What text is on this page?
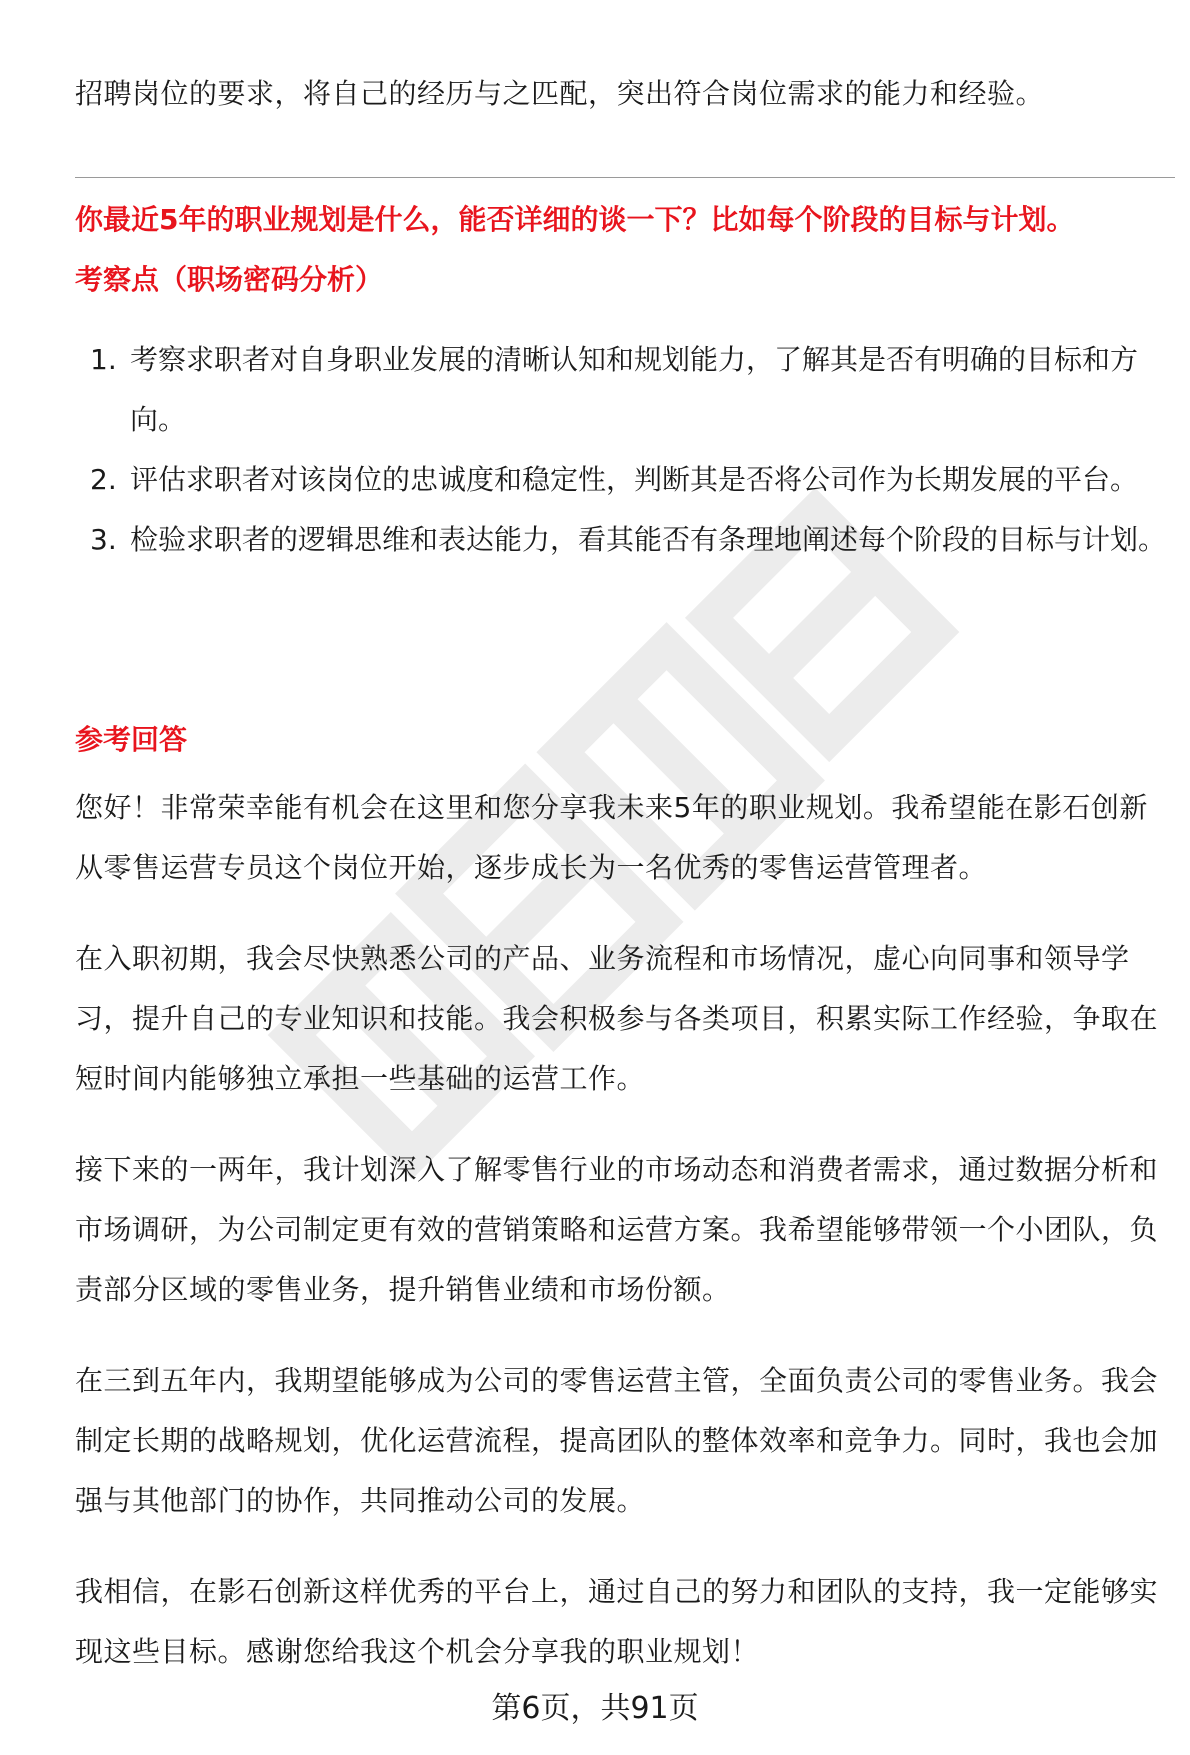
招聘岗位的要求，将自己的经历与之匹配，突出符合岗位需求的能力和经验。

你最近5年的职业规划是什么，能否详细的谈一下？比如每个阶段的目标与计划。

考察点（职场密码分析）

1. 考察求职者对自身职业发展的清晰认知和规划能力，了解其是否有明确的目标和方向。
2. 评估求职者对该岗位的忠诚度和稳定性，判断其是否将公司作为长期发展的平台。
3. 检验求职者的逻辑思维和表达能力，看其能否有条理地阐述每个阶段的目标与计划。

参考回答

您好！非常荣幸能有机会在这里和您分享我未来5年的职业规划。我希望能在影石创新从零售运营专员这个岗位开始，逐步成长为一名优秀的零售运营管理者。

在入职初期，我会尽快熟悉公司的产品、业务流程和市场情况，虚心向同事和领导学习，提升自己的专业知识和技能。我会积极参与各类项目，积累实际工作经验，争取在短时间内能够独立承担一些基础的运营工作。

接下来的一两年，我计划深入了解零售行业的市场动态和消费者需求，通过数据分析和市场调研，为公司制定更有效的营销策略和运营方案。我希望能够带领一个小团队，负责部分区域的零售业务，提升销售业绩和市场份额。

在三到五年内，我期望能够成为公司的零售运营主管，全面负责公司的零售业务。我会制定长期的战略规划，优化运营流程，提高团队的整体效率和竞争力。同时，我也会加强与其他部门的协作，共同推动公司的发展。

我相信，在影石创新这样优秀的平台上，通过自己的努力和团队的支持，我一定能够实现这些目标。感谢您给我这个机会分享我的职业规划！

第6页，共91页
